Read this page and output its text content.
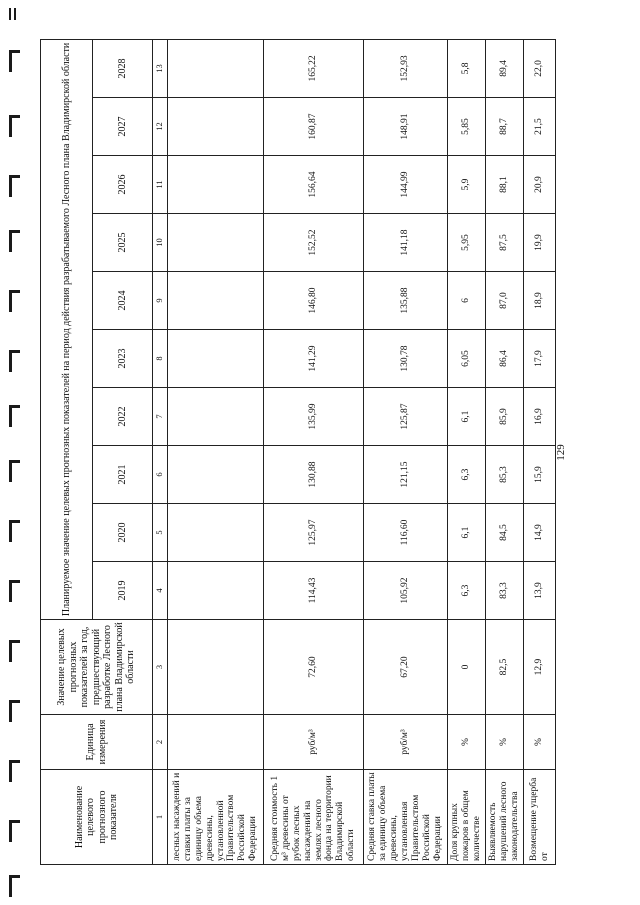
Наименование целевого прогнозного показателя	Единица измерения	Значение целевых прогнозных показателей за год, предшествующий разработке Лесного плана Владимирской области	Планируемое значение целевых прогнозных показателей на период действия разрабатываемого Лесного плана Владимирской области									
			2019	2020	2021	2022	2023	2024	2025	2026	2027	2028
1	2	3	4	5	6	7	8	9	10	11	12	13
лесных насаждений и ставки платы за единицу объема древесины, установленной Правительством Российской Федерации												
Средняя стоимость 1 м³ древесины от рубок лесных насаждений на землях лесного фонда на территории Владимирской области	руб/м³	72,60	114,43	125,97	130,88	135,99	141,29	146,80	152,52	156,64	160,87	165,22
Средняя ставка платы за единицу объема древесины, установленная Правительством Российской Федерации	руб/м³	67,20	105,92	116,60	121,15	125,87	130,78	135,88	141,18	144,99	148,91	152,93
Доля крупных пожаров в общем количестве	%	0	6,3	6,1	6,3	6,1	6,05	6	5,95	5,9	5,85	5,8
Выявляемость нарушений лесного законодательства	%	82,5	83,3	84,5	85,3	85,9	86,4	87,0	87,5	88,1	88,7	89,4
Возмещение ущерба от	%	12,9	13,9	14,9	15,9	16,9	17,9	18,9	19,9	20,9	21,5	22,0
129
